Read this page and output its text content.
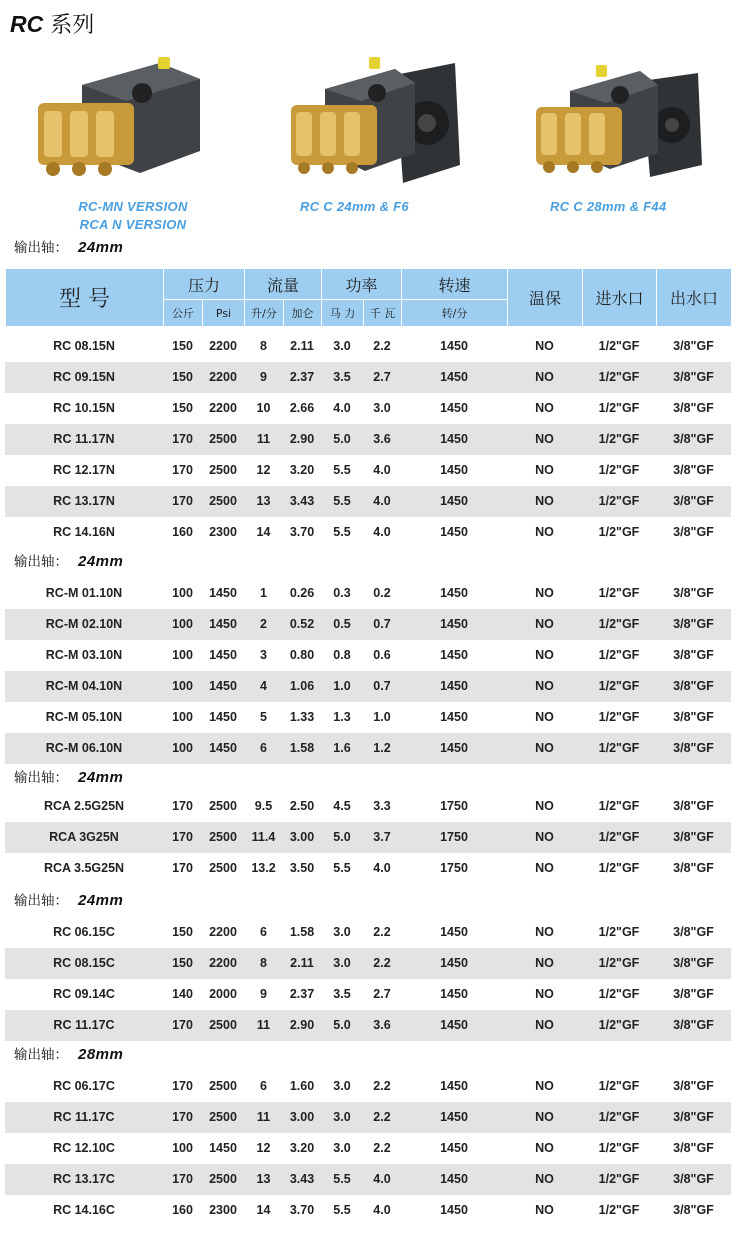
RC 系列
RC-MN VERSION
RCA N VERSION
RC C 24mm & F6	RC C 28mm & F44
型 号	压力		流量		功率		转速	温保	进水口	出水口
	公斤	Psi	升/分	加仑	马 力	千 瓦	转/分			
输出轴： 24mm
RC 08.15N	150	2200	8	2.11	3.0	2.2	1450	NO	1/2"GF	3/8"GF
RC 09.15N	150	2200	9	2.37	3.5	2.7	1450	NO	1/2"GF	3/8"GF
RC 10.15N	150	2200	10	2.66	4.0	3.0	1450	NO	1/2"GF	3/8"GF
RC 11.17N	170	2500	11	2.90	5.0	3.6	1450	NO	1/2"GF	3/8"GF
RC 12.17N	170	2500	12	3.20	5.5	4.0	1450	NO	1/2"GF	3/8"GF
RC 13.17N	170	2500	13	3.43	5.5	4.0	1450	NO	1/2"GF	3/8"GF
RC 14.16N	160	2300	14	3.70	5.5	4.0	1450	NO	1/2"GF	3/8"GF
输出轴： 24mm
RC-M 01.10N	100	1450	1	0.26	0.3	0.2	1450	NO	1/2"GF	3/8"GF
RC-M 02.10N	100	1450	2	0.52	0.5	0.7	1450	NO	1/2"GF	3/8"GF
RC-M 03.10N	100	1450	3	0.80	0.8	0.6	1450	NO	1/2"GF	3/8"GF
RC-M 04.10N	100	1450	4	1.06	1.0	0.7	1450	NO	1/2"GF	3/8"GF
RC-M 05.10N	100	1450	5	1.33	1.3	1.0	1450	NO	1/2"GF	3/8"GF
RC-M 06.10N	100	1450	6	1.58	1.6	1.2	1450	NO	1/2"GF	3/8"GF
输出轴： 24mm
RCA 2.5G25N	170	2500	9.5	2.50	4.5	3.3	1750	NO	1/2"GF	3/8"GF
RCA 3G25N	170	2500	11.4	3.00	5.0	3.7	1750	NO	1/2"GF	3/8"GF
RCA 3.5G25N	170	2500	13.2	3.50	5.5	4.0	1750	NO	1/2"GF	3/8"GF
输出轴： 24mm
RC 06.15C	150	2200	6	1.58	3.0	2.2	1450	NO	1/2"GF	3/8"GF
RC 08.15C	150	2200	8	2.11	3.0	2.2	1450	NO	1/2"GF	3/8"GF
RC 09.14C	140	2000	9	2.37	3.5	2.7	1450	NO	1/2"GF	3/8"GF
RC 11.17C	170	2500	11	2.90	5.0	3.6	1450	NO	1/2"GF	3/8"GF
输出轴： 28mm
RC 06.17C	170	2500	6	1.60	3.0	2.2	1450	NO	1/2"GF	3/8"GF
RC 11.17C	170	2500	11	3.00	3.0	2.2	1450	NO	1/2"GF	3/8"GF
RC 12.10C	100	1450	12	3.20	3.0	2.2	1450	NO	1/2"GF	3/8"GF
RC 13.17C	170	2500	13	3.43	5.5	4.0	1450	NO	1/2"GF	3/8"GF
RC 14.16C	160	2300	14	3.70	5.5	4.0	1450	NO	1/2"GF	3/8"GF
